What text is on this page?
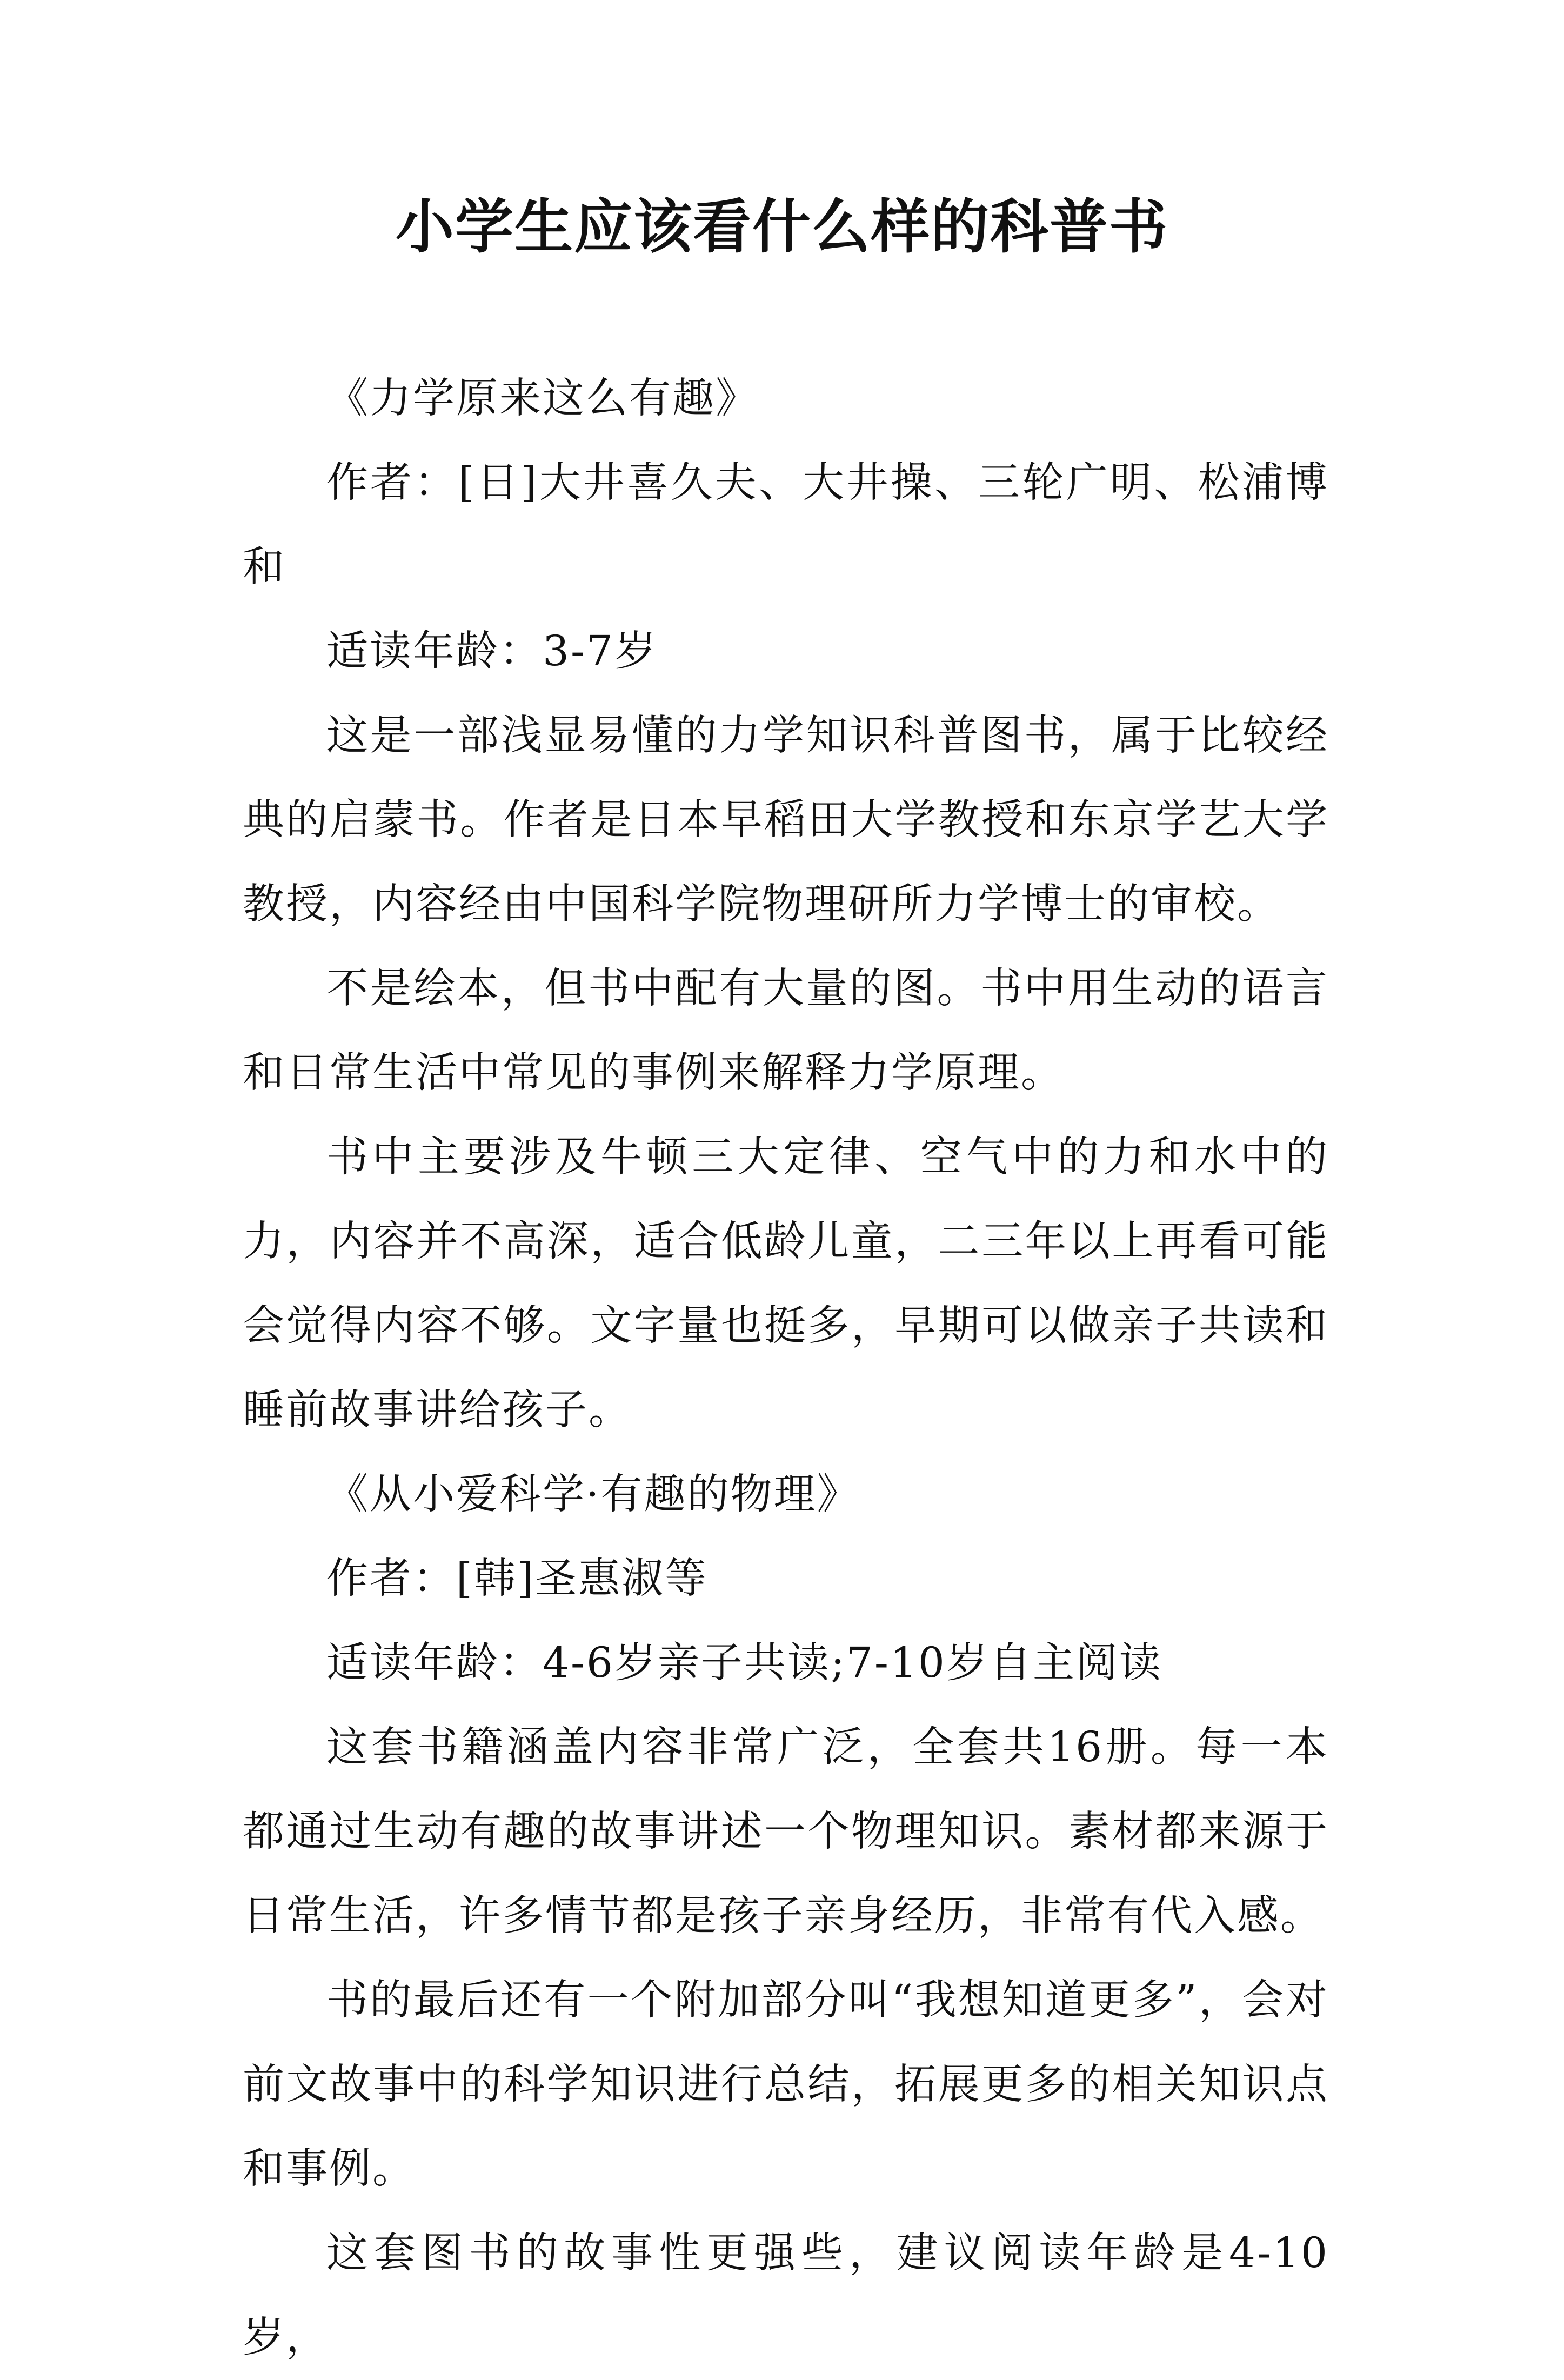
小学生应该看什么样的科普书

《力学原来这么有趣》

作者：[日]大井喜久夫、大井操、三轮广明、松浦博和

适读年龄：3-7岁

这是一部浅显易懂的力学知识科普图书，属于比较经典的启蒙书。作者是日本早稻田大学教授和东京学艺大学教授，内容经由中国科学院物理研所力学博士的审校。

不是绘本，但书中配有大量的图。书中用生动的语言和日常生活中常见的事例来解释力学原理。

书中主要涉及牛顿三大定律、空气中的力和水中的力，内容并不高深，适合低龄儿童，二三年以上再看可能会觉得内容不够。文字量也挺多，早期可以做亲子共读和睡前故事讲给孩子。

《从小爱科学·有趣的物理》

作者：[韩]圣惠淑等

适读年龄：4-6岁亲子共读;7-10岁自主阅读

这套书籍涵盖内容非常广泛，全套共16册。每一本都通过生动有趣的故事讲述一个物理知识。素材都来源于日常生活，许多情节都是孩子亲身经历，非常有代入感。

书的最后还有一个附加部分叫“我想知道更多”，会对前文故事中的科学知识进行总结，拓展更多的相关知识点和事例。

这套图书的故事性更强些，建议阅读年龄是4-10岁，
